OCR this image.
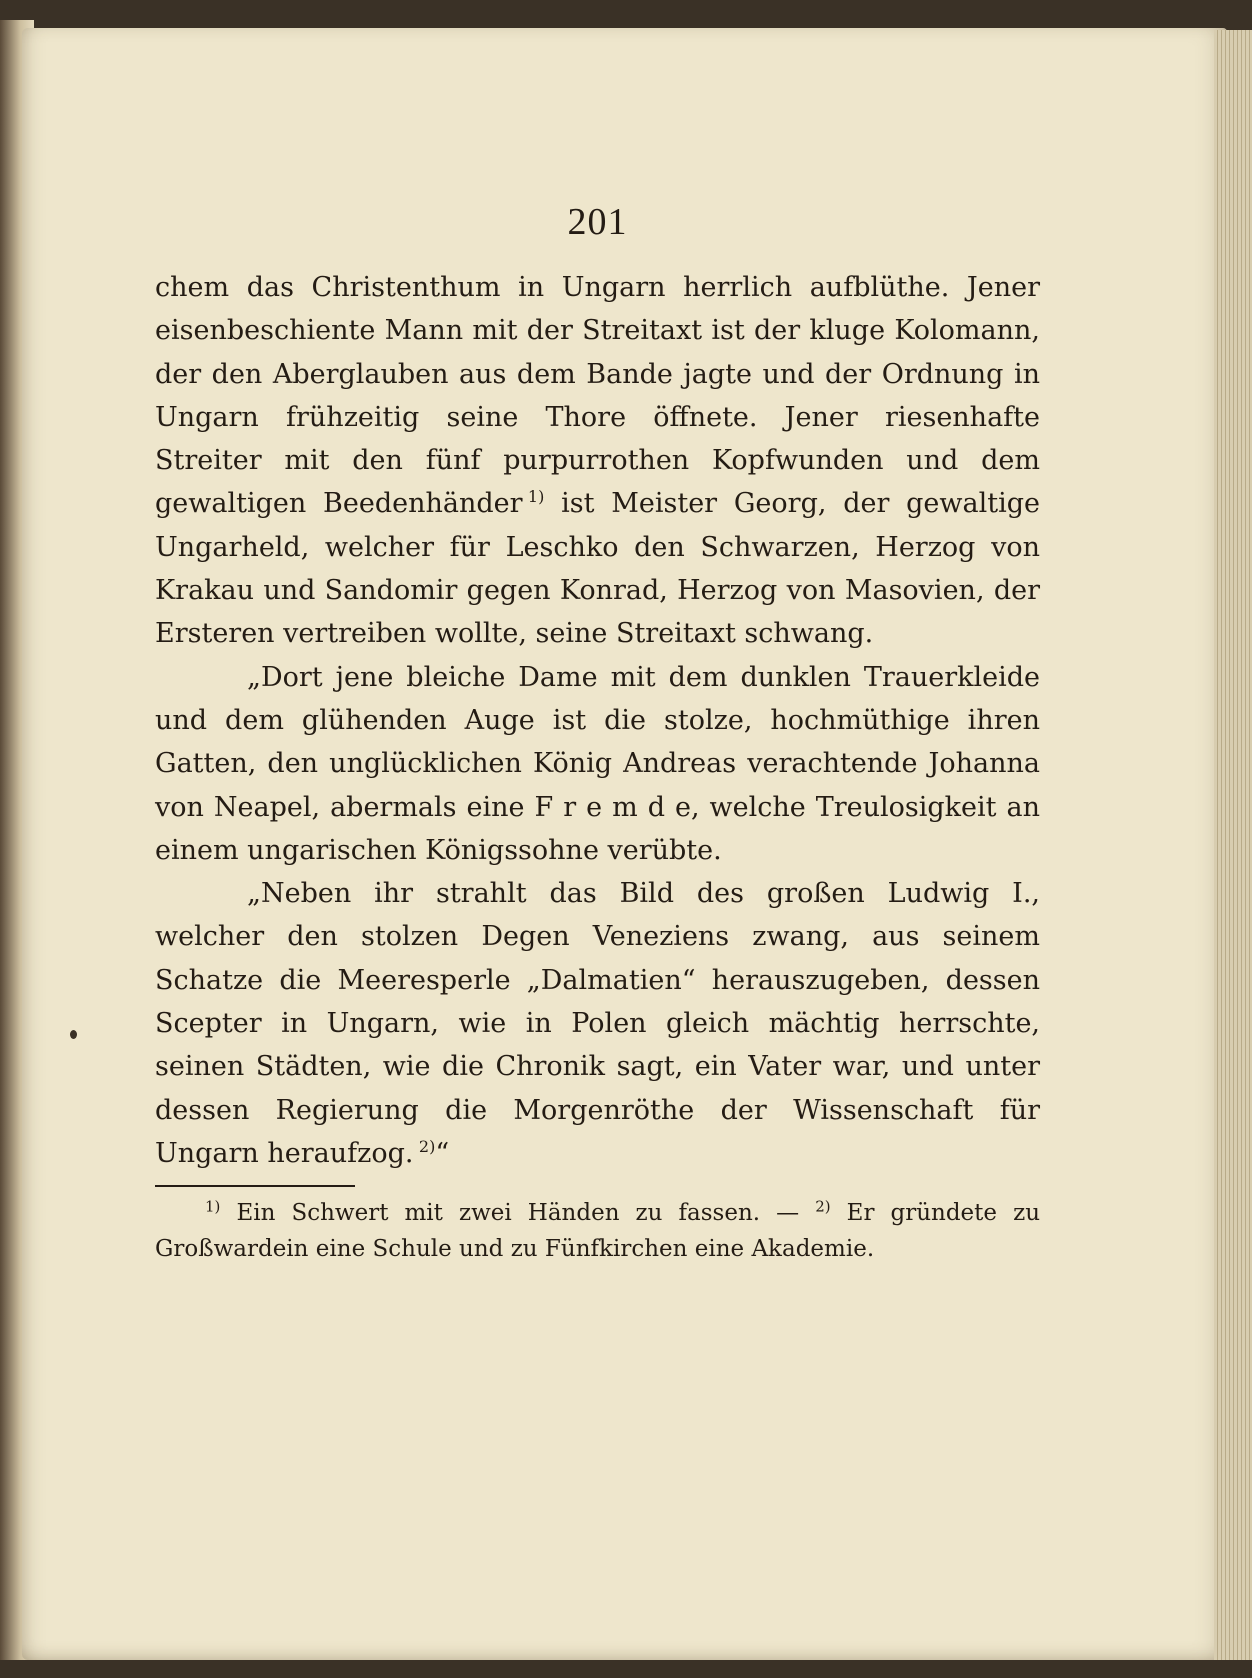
201

chem das Christenthum in Ungarn herrlich aufblüthe. Jener eisenbeschiente Mann mit der Streitaxt ist der kluge Kolomann, der den Aberglauben aus dem Bande jagte und der Ordnung in Ungarn frühzeitig seine Thore öffnete. Jener riesenhafte Streiter mit den fünf purpurrothen Kopfwunden und dem gewaltigen Beedenhänder  $^{1)}$ ist Meister Georg, der gewaltige Ungarheld, welcher für Leschko den Schwarzen, Herzog von Krakau und Sandomir gegen Konrad, Herzog von Masovien, der Ersteren vertreiben wollte, seine Streitaxt schwang.

„Dort jene bleiche Dame mit dem dunklen Trauerkleide und dem glühenden Auge ist die stolze, hochmüthige ihren Gatten, den unglücklichen König Andreas verachtende Johanna von Neapel, abermals eine F r e m d e, welche Treulosigkeit an einem ungarischen Königssohne verübte.

„Neben ihr strahlt das Bild des großen Ludwig I., welcher den stolzen Degen Veneziens zwang, aus seinem Schatze die Meeresperle „Dalmatien“ herauszugeben, dessen Scepter in Ungarn, wie in Polen gleich mächtig herrschte, seinen Städten, wie die Chronik sagt, ein Vater war, und unter dessen Regierung die Morgenröthe der Wissenschaft für Ungarn heraufzog.  $^{2)}$“

$^{1)}$ Ein Schwert mit zwei Händen zu fassen. — $^{2)}$ Er gründete zu Großwardein eine Schule und zu Fünfkirchen eine Akademie.
